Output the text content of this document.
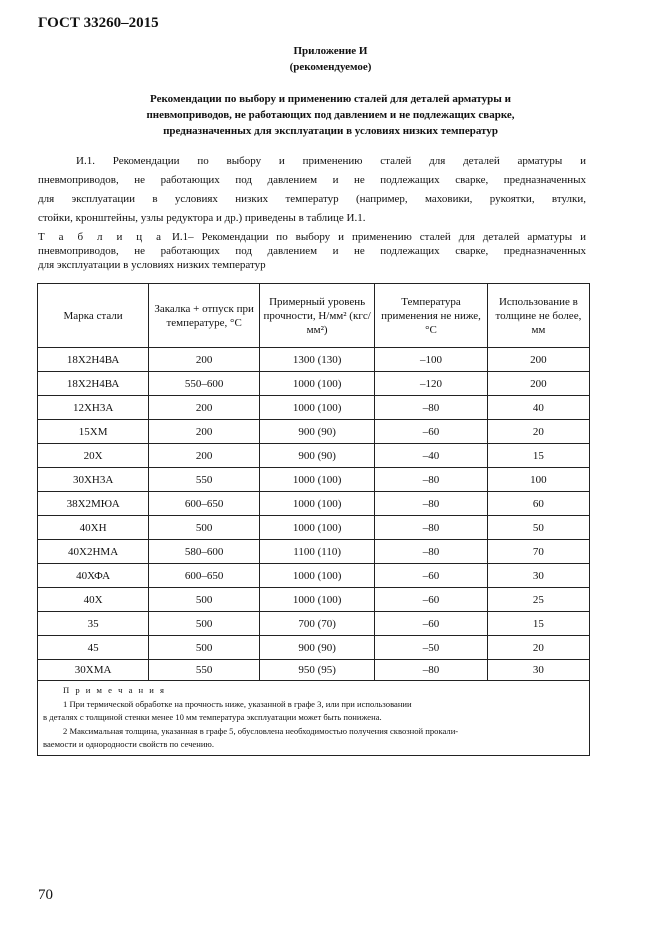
ГОСТ 33260–2015
Приложение И
(рекомендуемое)
Рекомендации по выбору и применению сталей для деталей арматуры и
пневмоприводов, не работающих под давлением и не подлежащих сварке,
предназначенных для эксплуатации в условиях низких температур
И.1. Рекомендации по выбору и применению сталей для деталей арматуры и
пневмоприводов, не работающих под давлением и не подлежащих сварке, предназначенных
для эксплуатации в условиях низких температур (например, маховики, рукоятки, втулки,
стойки, кронштейны, узлы редуктора и др.) приведены в таблице И.1.
Т а б л и ц а И.1– Рекомендации по выбору и применению сталей для деталей арматуры и
пневмоприводов, не работающих под давлением и не подлежащих сварке, предназначенных
для эксплуатации в условиях низких температур
Марка стали	Закалка + отпуск при температуре, °С	Примерный уровень прочности, Н/мм² (кгс/мм²)	Температура применения не ниже, °С	Использование в толщине не более, мм
18Х2Н4ВА	200	1300 (130)	–100	200
18Х2Н4ВА	550–600	1000 (100)	–120	200
12ХН3А	200	1000 (100)	–80	40
15ХМ	200	900 (90)	–60	20
20Х	200	900 (90)	–40	15
30ХН3А	550	1000 (100)	–80	100
38Х2МЮА	600–650	1000 (100)	–80	60
40ХН	500	1000 (100)	–80	50
40Х2НМА	580–600	1100 (110)	–80	70
40ХФА	600–650	1000 (100)	–60	30
40Х	500	1000 (100)	–60	25
35	500	700 (70)	–60	15
45	500	900 (90)	–50	20
30ХМА	550	950 (95)	–80	30
П р и м е ч а н и я
1 При термической обработке на прочность ниже, указанной в графе 3, или при использовании
в деталях с толщиной стенки менее 10 мм температура эксплуатации может быть понижена.
2 Максимальная толщина, указанная в графе 5, обусловлена необходимостью получения сквозной прокали-
ваемости и однородности свойств по сечению.
70
